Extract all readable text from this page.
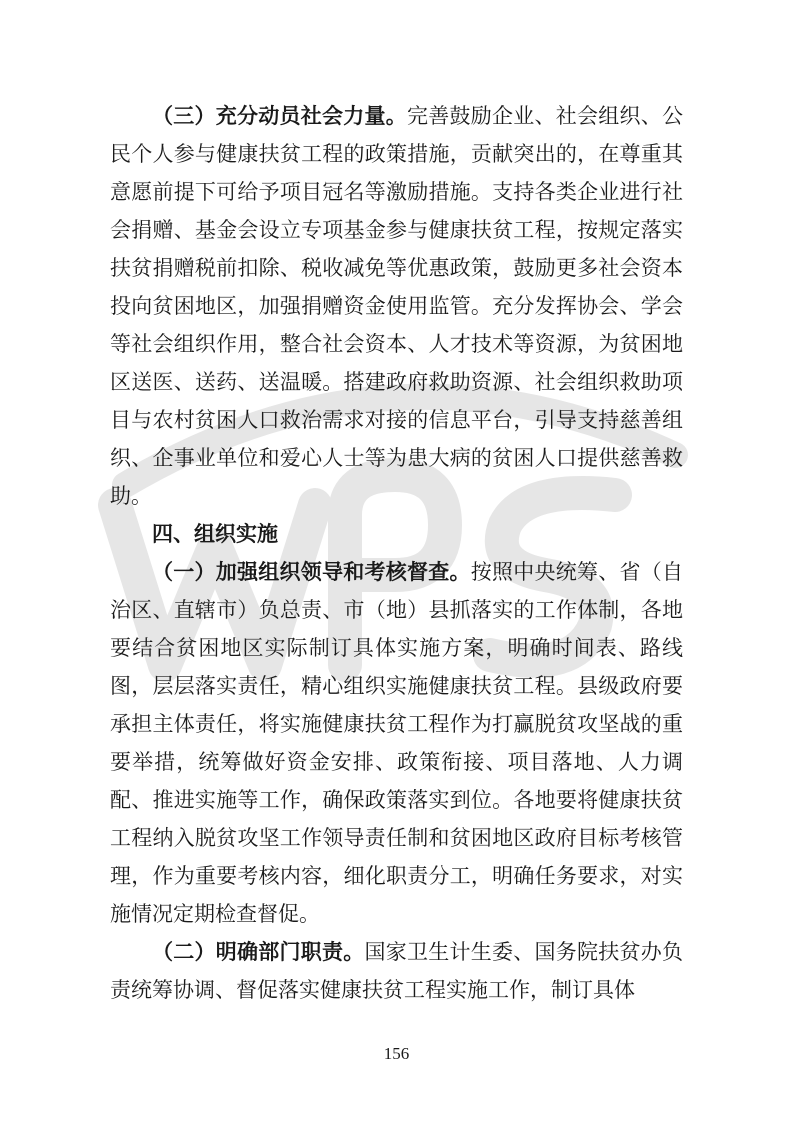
（三）充分动员社会力量。完善鼓励企业、社会组织、公民个人参与健康扶贫工程的政策措施，贡献突出的，在尊重其意愿前提下可给予项目冠名等激励措施。支持各类企业进行社会捐赠、基金会设立专项基金参与健康扶贫工程，按规定落实扶贫捐赠税前扣除、税收减免等优惠政策，鼓励更多社会资本投向贫困地区，加强捐赠资金使用监管。充分发挥协会、学会等社会组织作用，整合社会资本、人才技术等资源，为贫困地区送医、送药、送温暖。搭建政府救助资源、社会组织救助项目与农村贫困人口救治需求对接的信息平台，引导支持慈善组织、企事业单位和爱心人士等为患大病的贫困人口提供慈善救助。

四、组织实施

（一）加强组织领导和考核督查。按照中央统筹、省（自治区、直辖市）负总责、市（地）县抓落实的工作体制，各地要结合贫困地区实际制订具体实施方案，明确时间表、路线图，层层落实责任，精心组织实施健康扶贫工程。县级政府要承担主体责任，将实施健康扶贫工程作为打赢脱贫攻坚战的重要举措，统筹做好资金安排、政策衔接、项目落地、人力调配、推进实施等工作，确保政策落实到位。各地要将健康扶贫工程纳入脱贫攻坚工作领导责任制和贫困地区政府目标考核管理，作为重要考核内容，细化职责分工，明确任务要求，对实施情况定期检查督促。

（二）明确部门职责。国家卫生计生委、国务院扶贫办负责统筹协调、督促落实健康扶贫工程实施工作，制订具体

156
